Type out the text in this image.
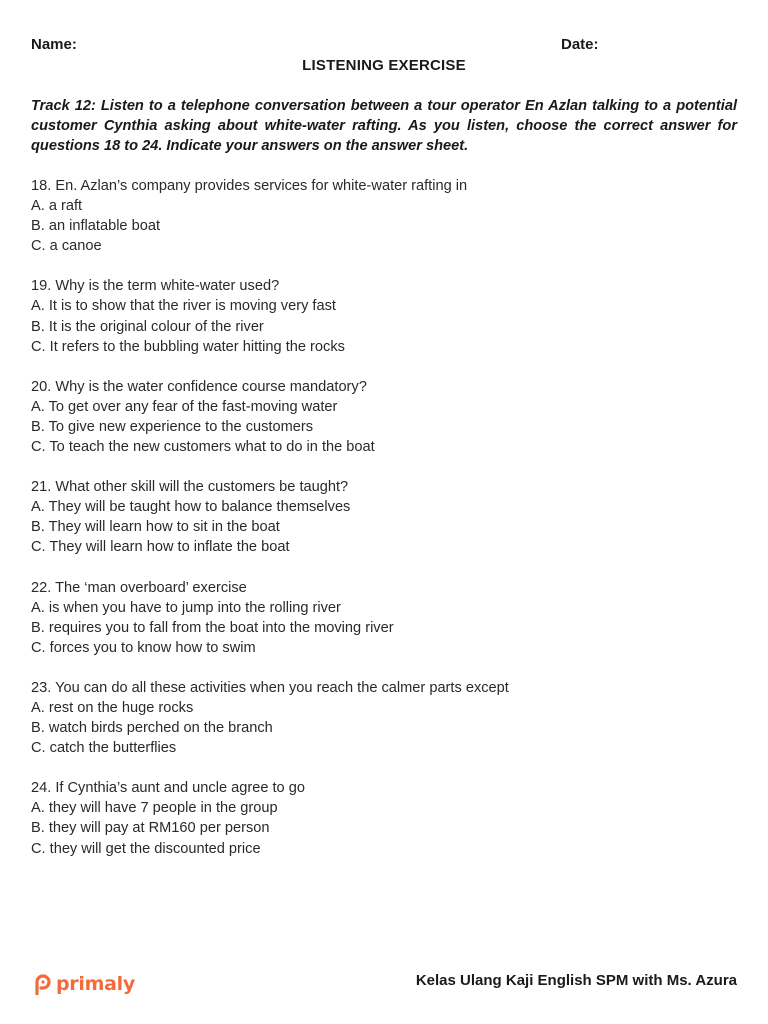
Name:	Date:
LISTENING EXERCISE
Track 12: Listen to a telephone conversation between a tour operator En Azlan talking to a potential customer Cynthia asking about white-water rafting. As you listen, choose the correct answer for questions 18 to 24. Indicate your answers on the answer sheet.
18. En. Azlan’s company provides services for white-water rafting in
A. a raft
B. an inflatable boat
C. a canoe
19. Why is the term white-water used?
A. It is to show that the river is moving very fast
B. It is the original colour of the river
C. It refers to the bubbling water hitting the rocks
20. Why is the water confidence course mandatory?
A. To get over any fear of the fast-moving water
B. To give new experience to the customers
C. To teach the new customers what to do in the boat
21. What other skill will the customers be taught?
A. They will be taught how to balance themselves
B. They will learn how to sit in the boat
C. They will learn how to inflate the boat
22. The ‘man overboard’ exercise
A. is when you have to jump into the rolling river
B. requires you to fall from the boat into the moving river
C. forces you to know how to swim
23. You can do all these activities when you reach the calmer parts except
A. rest on the huge rocks
B. watch birds perched on the branch
C. catch the butterflies
24. If Cynthia’s aunt and uncle agree to go
A. they will have 7 people in the group
B. they will pay at RM160 per person
C. they will get the discounted price
primaly	Kelas Ulang Kaji English SPM with Ms. Azura
